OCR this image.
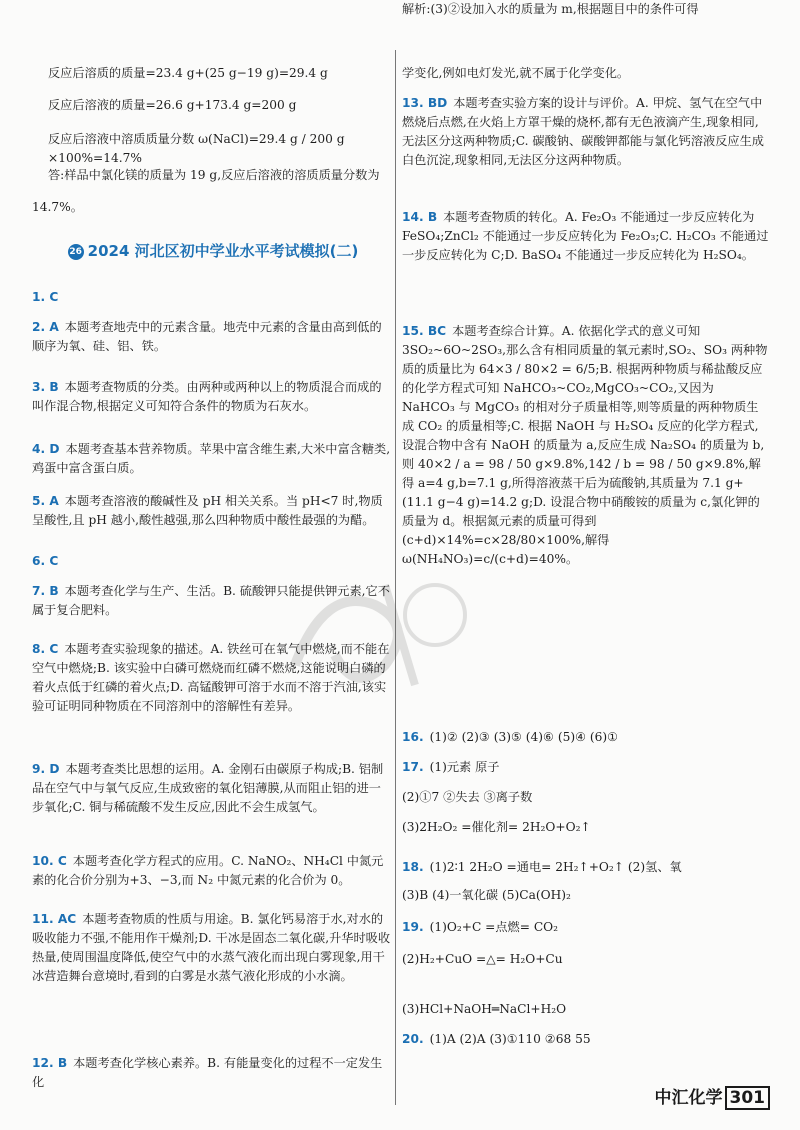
反应后溶质的质量=23.4 g+(25 g−19 g)=29.4 g

反应后溶液的质量=26.6 g+173.4 g=200 g

反应后溶液中溶质质量分数 ω(NaCl)=29.4 g / 200 g ×100%=14.7%

答:样品中氯化镁的质量为 19 g,反应后溶液的溶质质量分数为

14.7%。

26 2024 河北区初中学业水平考试模拟(二)

1. C

2. A 本题考查地壳中的元素含量。地壳中元素的含量由高到低的顺序为氧、硅、铝、铁。

3. B 本题考查物质的分类。由两种或两种以上的物质混合而成的叫作混合物,根据定义可知符合条件的物质为石灰水。

4. D 本题考查基本营养物质。苹果中富含维生素,大米中富含糖类,鸡蛋中富含蛋白质。

5. A 本题考查溶液的酸碱性及 pH 相关关系。当 pH<7 时,物质呈酸性,且 pH 越小,酸性越强,那么四种物质中酸性最强的为醋。

6. C

7. B 本题考查化学与生产、生活。B. 硫酸钾只能提供钾元素,它不属于复合肥料。

8. C 本题考查实验现象的描述。A. 铁丝可在氧气中燃烧,而不能在空气中燃烧;B. 该实验中白磷可燃烧而红磷不燃烧,这能说明白磷的着火点低于红磷的着火点;D. 高锰酸钾可溶于水而不溶于汽油,该实验可证明同种物质在不同溶剂中的溶解性有差异。

9. D 本题考查类比思想的运用。A. 金刚石由碳原子构成;B. 铝制品在空气中与氧气反应,生成致密的氧化铝薄膜,从而阻止铝的进一步氧化;C. 铜与稀硫酸不发生反应,因此不会生成氢气。

10. C 本题考查化学方程式的应用。C. NaNO₂、NH₄Cl 中氮元素的化合价分别为+3、−3,而 N₂ 中氮元素的化合价为 0。

11. AC 本题考查物质的性质与用途。B. 氯化钙易溶于水,对水的吸收能力不强,不能用作干燥剂;D. 干冰是固态二氧化碳,升华时吸收热量,使周围温度降低,使空气中的水蒸气液化而出现白雾现象,用干冰营造舞台意境时,看到的白雾是水蒸气液化形成的小水滴。

12. B 本题考查化学核心素养。B. 有能量变化的过程不一定发生化

学变化,例如电灯发光,就不属于化学变化。

13. BD 本题考查实验方案的设计与评价。A. 甲烷、氢气在空气中燃烧后点燃,在火焰上方罩干燥的烧杯,都有无色液滴产生,现象相同,无法区分这两种物质;C. 碳酸钠、碳酸钾都能与氯化钙溶液反应生成白色沉淀,现象相同,无法区分这两种物质。

14. B 本题考查物质的转化。A. Fe₂O₃ 不能通过一步反应转化为 FeSO₄;ZnCl₂ 不能通过一步反应转化为 Fe₂O₃;C. H₂CO₃ 不能通过一步反应转化为 C;D. BaSO₄ 不能通过一步反应转化为 H₂SO₄。

15. BC 本题考查综合计算。A. 依据化学式的意义可知 3SO₂~6O~2SO₃,那么含有相同质量的氧元素时,SO₂、SO₃ 两种物质的质量比为 64×3 / 80×2 = 6/5;B. 根据两种物质与稀盐酸反应的化学方程式可知 NaHCO₃~CO₂,MgCO₃~CO₂,又因为 NaHCO₃ 与 MgCO₃ 的相对分子质量相等,则等质量的两种物质生成 CO₂ 的质量相等;C. 根据 NaOH 与 H₂SO₄ 反应的化学方程式,设混合物中含有 NaOH 的质量为 a,反应生成 Na₂SO₄ 的质量为 b,则 40×2 / a = 98 / 50 g×9.8%,142 / b = 98 / 50 g×9.8%,解得 a=4 g,b=7.1 g,所得溶液蒸干后为硫酸钠,其质量为 7.1 g+(11.1 g−4 g)=14.2 g;D. 设混合物中硝酸铵的质量为 c,氯化钾的质量为 d。根据氮元素的质量可得到 (c+d)×14%=c×28/80×100%,解得 ω(NH₄NO₃)=c/(c+d)=40%。

16. (1)② (2)③ (3)⑤ (4)⑥ (5)④ (6)①

17. (1)元素 原子

(2)①7 ②失去 ③离子数

(3)2H₂O₂ =催化剂= 2H₂O+O₂↑

18. (1)2∶1 2H₂O =通电= 2H₂↑+O₂↑ (2)氢、氧

(3)B (4)一氧化碳 (5)Ca(OH)₂

19. (1)O₂+C =点燃= CO₂

(2)H₂+CuO =△= H₂O+Cu

(3)HCl+NaOH═NaCl+H₂O

20. (1)A (2)A (3)①110 ②68 55

解析:(3)②设加入水的质量为 m,根据题目中的条件可得

中汇化学 301
